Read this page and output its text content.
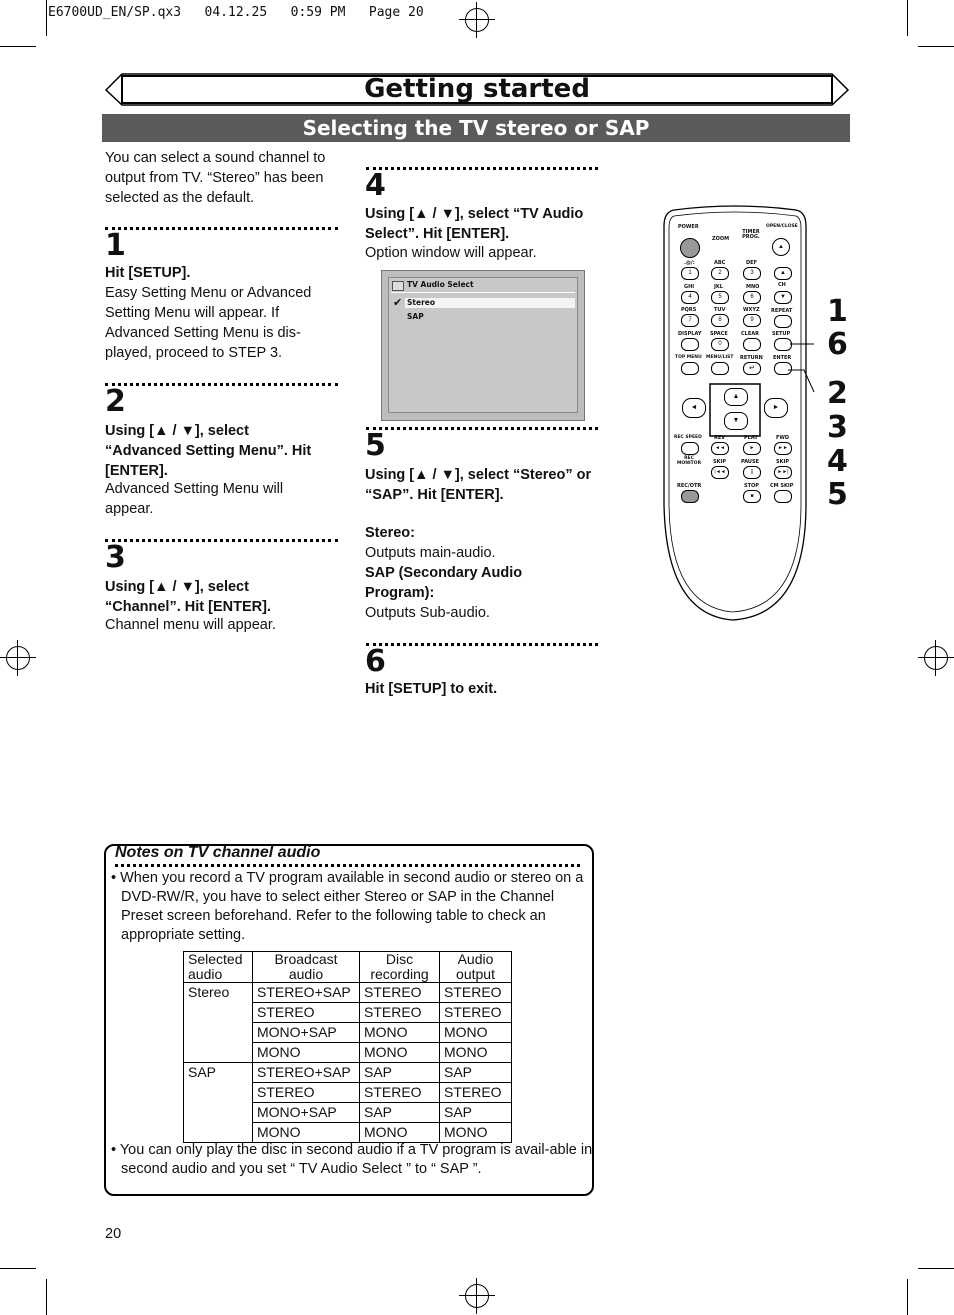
E6700UD_EN/SP.qx3   04.12.25   0:59 PM   Page 20
Getting started
Selecting the TV stereo or SAP
You can select a sound channel to output from TV. “Stereo” has been selected as the default.
1
Hit [SETUP].
Easy Setting Menu or Advanced Setting Menu will appear. If Advanced Setting Menu is dis-played, proceed to STEP 3.
2
Using [▲ / ▼], select “Advanced Setting Menu”. Hit [ENTER].
Advanced Setting Menu will appear.
3
Using [▲ / ▼], select “Channel”. Hit [ENTER].
Channel menu will appear.
4
Using [▲ / ▼], select “TV Audio Select”. Hit [ENTER].
Option window will appear.
TV Audio Select
✔ Stereo
SAP
5
Using [▲ / ▼], select “Stereo” or “SAP”. Hit [ENTER].
Stereo:
Outputs main-audio.
SAP (Secondary Audio Program):
Outputs Sub-audio.
6
Hit [SETUP] to exit.
POWER	OPEN/CLOSE
▲
ZOOM
TIMER PROG.
.@/:	ABC	DEF
1	2	3	▲
GHI	JKL	MNO	CH
4	5	6	▼
PQRS	TUV	WXYZ REPEAT
7	8	9
DISPLAY SPACE	CLEAR	SETUP
0
TOP MENU MENU/LIST RETURN ENTER
↵
▲
▼
◄	►
REC SPEED REV	PLAY	FWD
◄◄	►	►►
REC MONITOR SKIP	PAUSE	SKIP
|◄◄	||	►►|
REC/OTR	STOP CM SKIP
■
1
6
2
3
4
5
Notes on TV channel audio
• When you record a TV program available in second audio or stereo on a DVD-RW/R, you have to select either Stereo or SAP in the Channel Preset screen beforehand. Refer to the following table to check an appropriate setting.
Selected audio	Broadcast audio	Disc recording	Audio output
Stereo	STEREO+SAP	STEREO	STEREO
	STEREO	STEREO	STEREO
	MONO+SAP	MONO	MONO
	MONO	MONO	MONO
SAP	STEREO+SAP	SAP	SAP
	STEREO	STEREO	STEREO
	MONO+SAP	SAP	SAP
	MONO	MONO	MONO
• You can only play the disc in second audio if a TV program is avail-able in second audio and you set “ TV Audio Select ” to “ SAP ”.
20
